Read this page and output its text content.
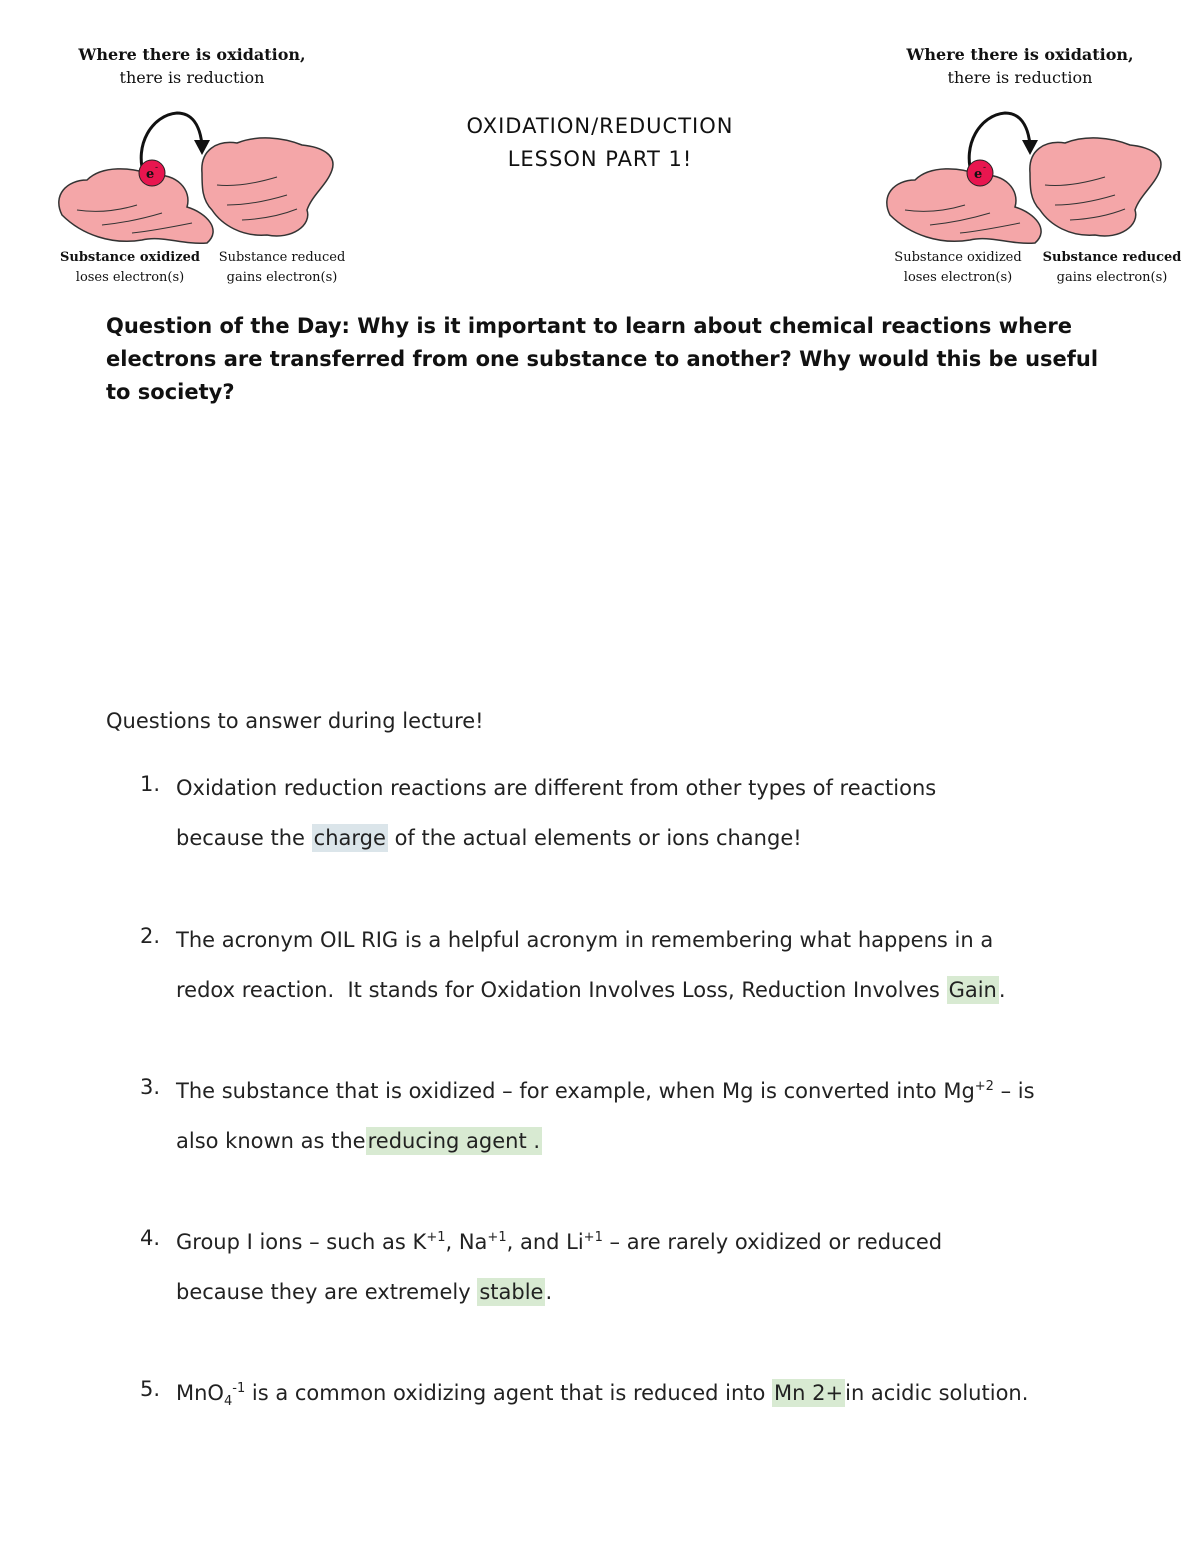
Where there is oxidation,
there is reduction
e -
Substance oxidized
loses electron(s)
Substance reduced
gains electron(s)
Where there is oxidation,
there is reduction
e -
Substance oxidized
loses electron(s)
Substance reduced
gains electron(s)
OXIDATION/REDUCTION
LESSON PART 1!
Question of the Day: Why is it important to learn about chemical reactions where electrons are transferred from one substance to another? Why would this be useful to society?
Questions to answer during lecture!
1. Oxidation reduction reactions are different from other types of reactions
because the charge of the actual elements or ions change!
2. The acronym OIL RIG is a helpful acronym in remembering what happens in a
redox reaction.  It stands for Oxidation Involves Loss, Reduction Involves Gain.
3. The substance that is oxidized – for example, when Mg is converted into $Mg^{+2}$ – is
also known as thereducing agent .
4. Group I ions – such as $K^{+1}$, $Na^{+1}$, and $Li^{+1}$ – are rarely oxidized or reduced
because they are extremely stable.
5. MnO$_4^{-1}$ is a common oxidizing agent that is reduced into Mn 2+in acidic solution.
